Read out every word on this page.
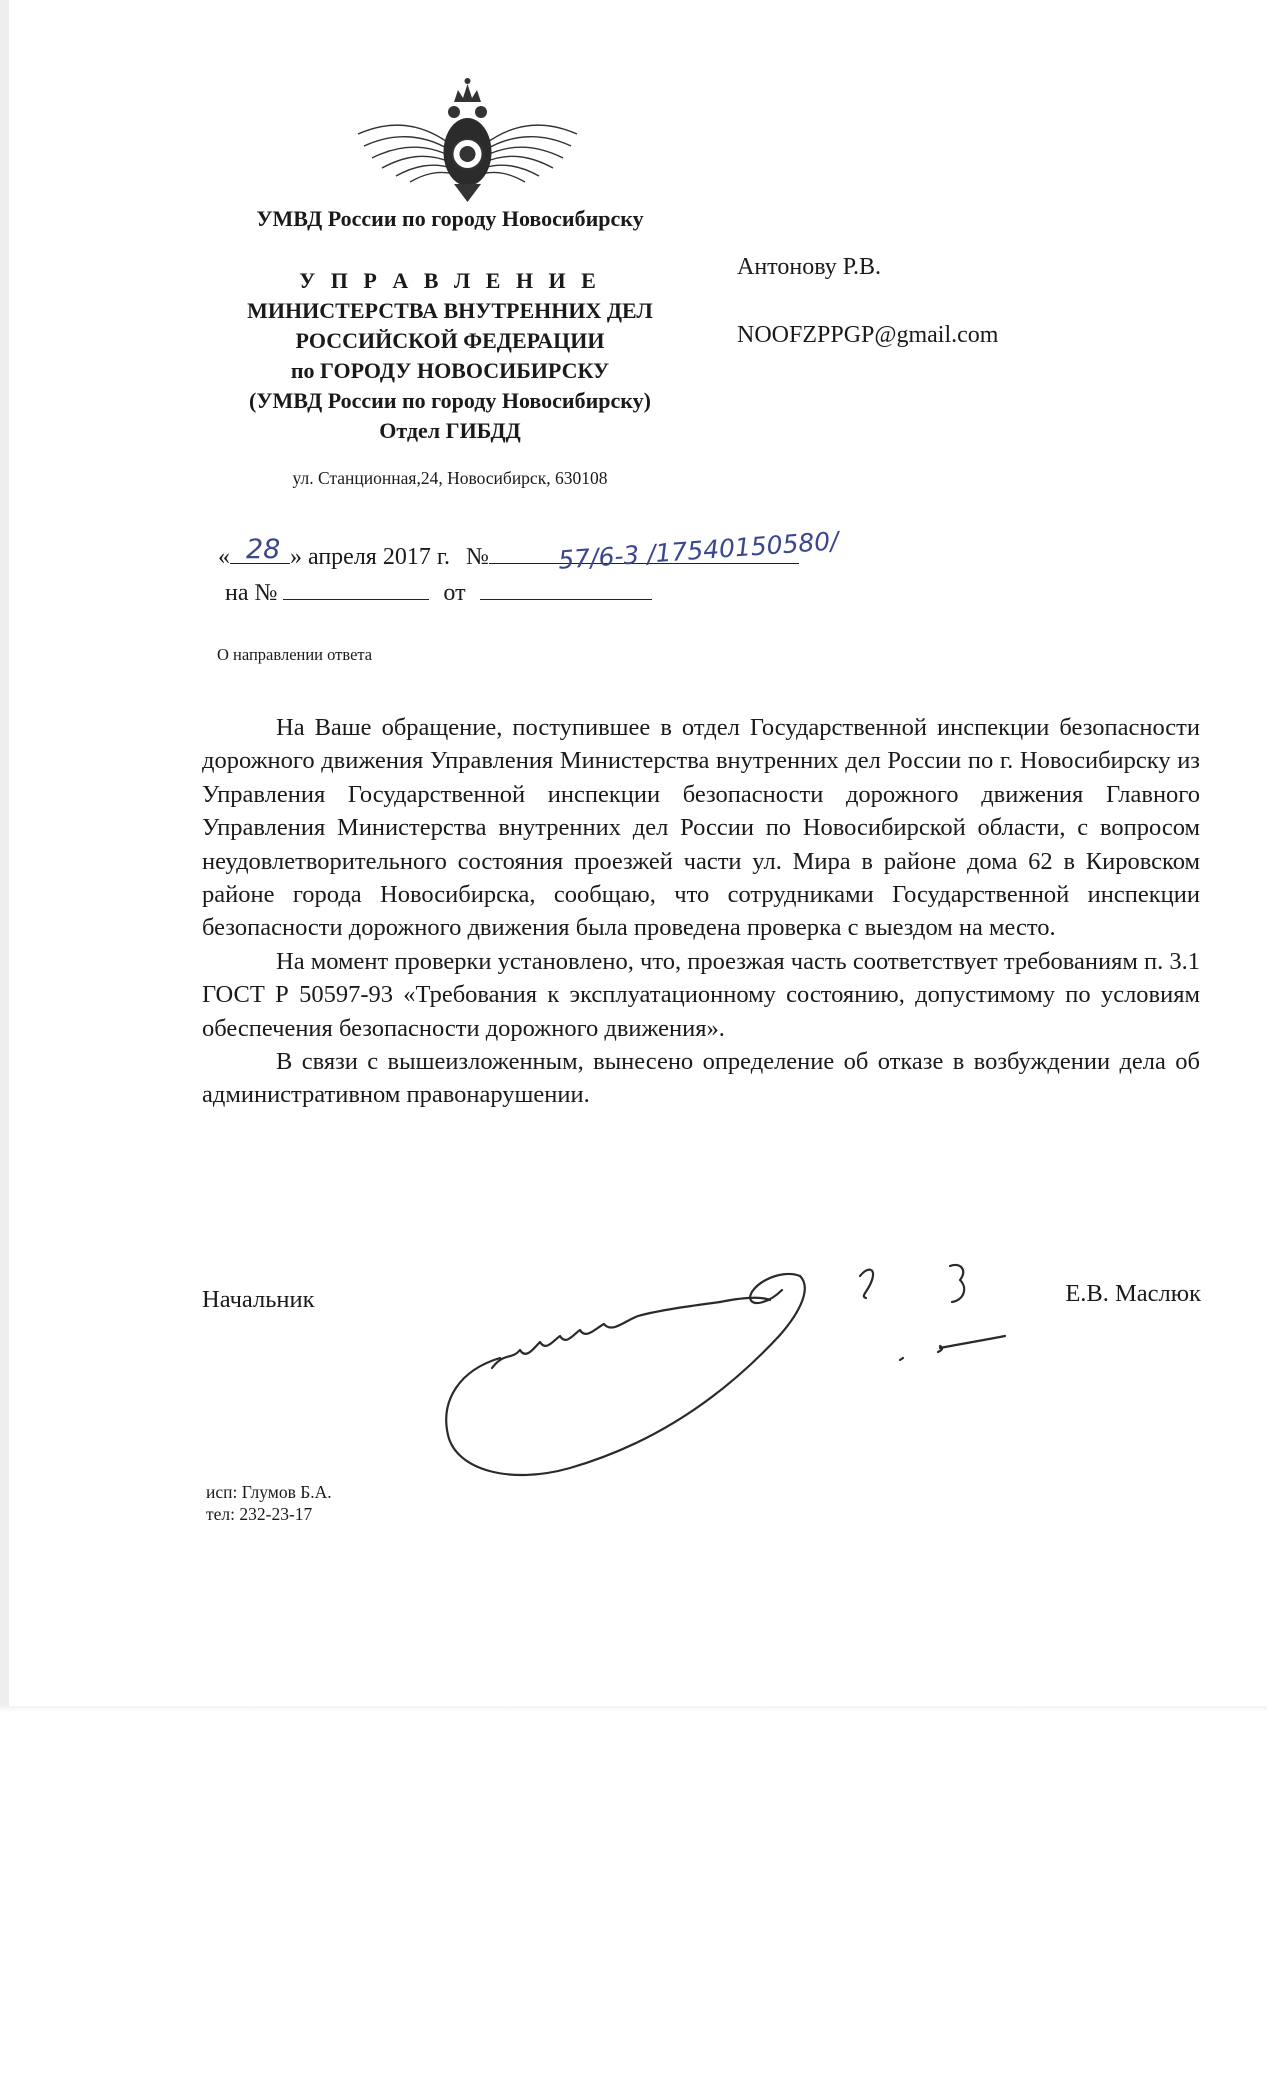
УМВД России по городу Новосибирску
У П Р А В Л Е Н И Е
МИНИСТЕРСТВА ВНУТРЕННИХ ДЕЛ
РОССИЙСКОЙ ФЕДЕРАЦИИ
по ГОРОДУ НОВОСИБИРСКУ
(УМВД России по городу Новосибирску)
Отдел ГИБДД
ул. Станционная,24, Новосибирск, 630108
Антонову Р.В.
NOOFZPPGP@gmail.com
«	» апреля 2017 г. №
28	57/6-3 /17540150580/
на №	от
О направлении ответа

На Ваше обращение, поступившее в отдел Государственной инспекции безопасности дорожного движения Управления Министерства внутренних дел России по г. Новосибирску из Управления Государственной инспекции безопасности дорожного движения Главного Управления Министерства внутренних дел России по Новосибирской области, с вопросом неудовлетворительного состояния проезжей части ул. Мира в районе дома 62 в Кировском районе города Новосибирска, сообщаю, что сотрудниками Государственной инспекции безопасности дорожного движения была проведена проверка с выездом на место.

На момент проверки установлено, что, проезжая часть соответствует требованиям п. 3.1 ГОСТ Р 50597-93 «Требования к эксплуатационному состоянию, допустимому по условиям обеспечения безопасности дорожного движения».

В связи с вышеизложенным, вынесено определение об отказе в возбуждении дела об административном правонарушении.

Начальник	Е.В. Маслюк
исп: Глумов Б.А.
тел: 232-23-17
